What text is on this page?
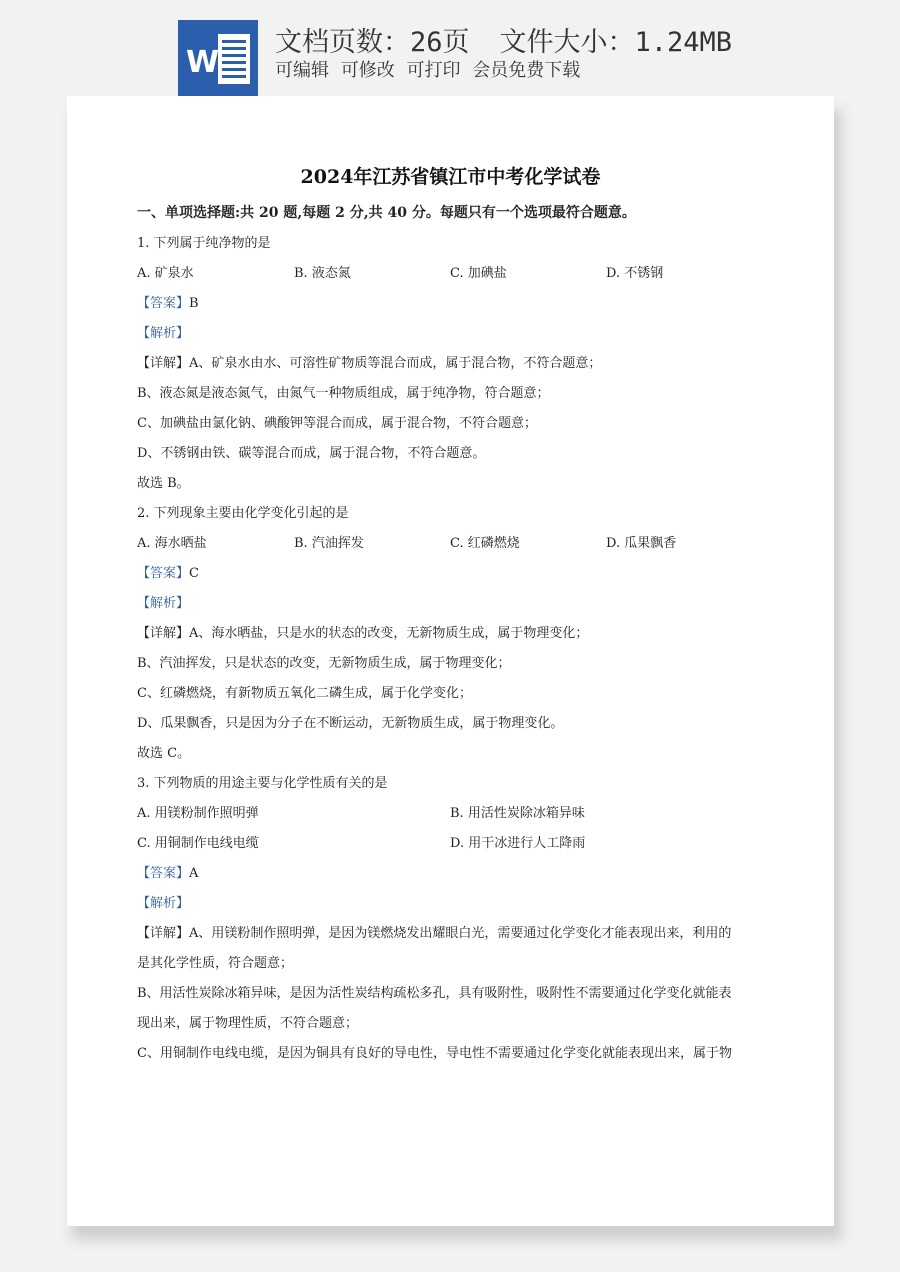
W
文档页数：26页 文件大小：1.24MB
可编辑 可修改 可打印 会员免费下载
2024年江苏省镇江市中考化学试卷
一、单项选择题:共 20 题,每题 2 分,共 40 分。每题只有一个选项最符合题意。
1. 下列属于纯净物的是
A. 矿泉水	B. 液态氮	C. 加碘盐	D. 不锈钢
【答案】B
【解析】
【详解】A、矿泉水由水、可溶性矿物质等混合而成，属于混合物，不符合题意；
B、液态氮是液态氮气，由氮气一种物质组成，属于纯净物，符合题意；
C、加碘盐由氯化钠、碘酸钾等混合而成，属于混合物，不符合题意；
D、不锈钢由铁、碳等混合而成，属于混合物，不符合题意。
故选 B。
2. 下列现象主要由化学变化引起的是
A. 海水晒盐	B. 汽油挥发	C. 红磷燃烧	D. 瓜果飘香
【答案】C
【解析】
【详解】A、海水晒盐，只是水的状态的改变，无新物质生成，属于物理变化；
B、汽油挥发，只是状态的改变，无新物质生成，属于物理变化；
C、红磷燃烧，有新物质五氧化二磷生成，属于化学变化；
D、瓜果飘香，只是因为分子在不断运动，无新物质生成，属于物理变化。
故选 C。
3. 下列物质的用途主要与化学性质有关的是
A. 用镁粉制作照明弹	B. 用活性炭除冰箱异味
C. 用铜制作电线电缆	D. 用干冰进行人工降雨
【答案】A
【解析】
【详解】A、用镁粉制作照明弹，是因为镁燃烧发出耀眼白光，需要通过化学变化才能表现出来，利用的
是其化学性质，符合题意；
B、用活性炭除冰箱异味，是因为活性炭结构疏松多孔，具有吸附性，吸附性不需要通过化学变化就能表
现出来，属于物理性质，不符合题意；
C、用铜制作电线电缆，是因为铜具有良好的导电性，导电性不需要通过化学变化就能表现出来，属于物
